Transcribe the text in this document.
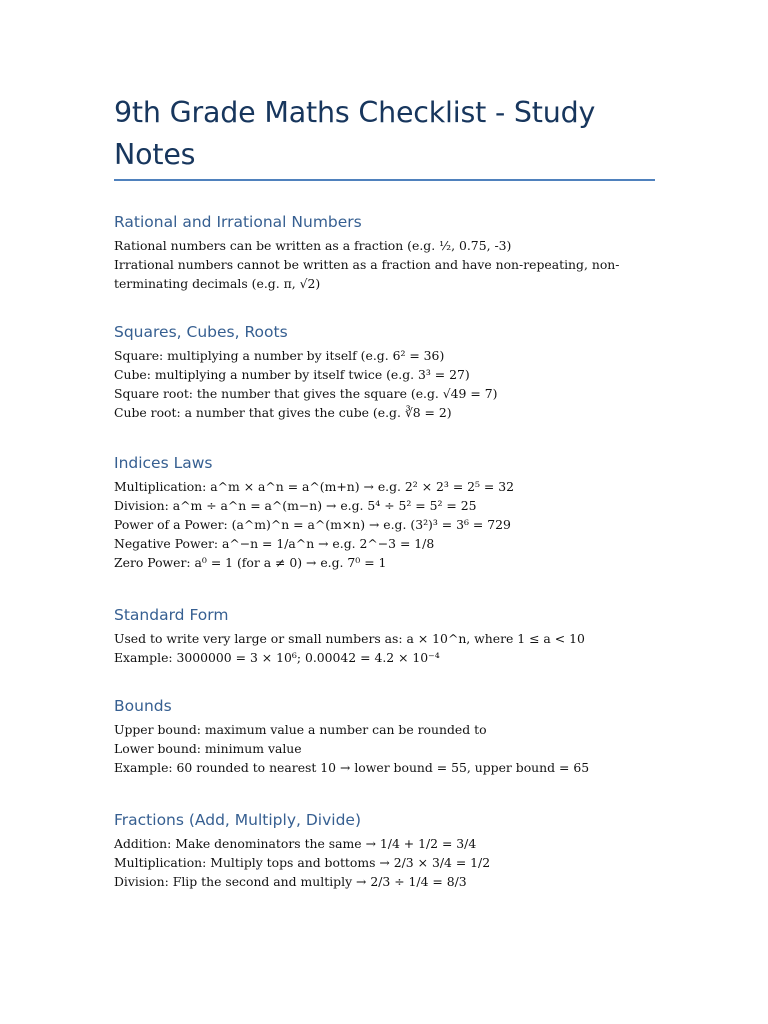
9th Grade Maths Checklist - Study Notes
Rational and Irrational Numbers

Rational numbers can be written as a fraction (e.g. ½, 0.75, -3)

Irrational numbers cannot be written as a fraction and have non-repeating, non-terminating decimals (e.g. π, √2)

Squares, Cubes, Roots

Square: multiplying a number by itself (e.g. 6² = 36)

Cube: multiplying a number by itself twice (e.g. 3³ = 27)

Square root: the number that gives the square (e.g. √49 = 7)

Cube root: a number that gives the cube (e.g. ∛8 = 2)

Indices Laws

Multiplication: a^m × a^n = a^(m+n) → e.g. 2² × 2³ = 2⁵ = 32

Division: a^m ÷ a^n = a^(m−n) → e.g. 5⁴ ÷ 5² = 5² = 25

Power of a Power: (a^m)^n = a^(m×n) → e.g. (3²)³ = 3⁶ = 729

Negative Power: a^−n = 1/a^n → e.g. 2^−3 = 1/8

Zero Power: a⁰ = 1 (for a ≠ 0) → e.g. 7⁰ = 1

Standard Form

Used to write very large or small numbers as: a × 10^n, where 1 ≤ a < 10

Example: 3000000 = 3 × 10⁶; 0.00042 = 4.2 × 10⁻⁴

Bounds

Upper bound: maximum value a number can be rounded to

Lower bound: minimum value

Example: 60 rounded to nearest 10 → lower bound = 55, upper bound = 65

Fractions (Add, Multiply, Divide)

Addition: Make denominators the same → 1/4 + 1/2 = 3/4

Multiplication: Multiply tops and bottoms → 2/3 × 3/4 = 1/2

Division: Flip the second and multiply → 2/3 ÷ 1/4 = 8/3
